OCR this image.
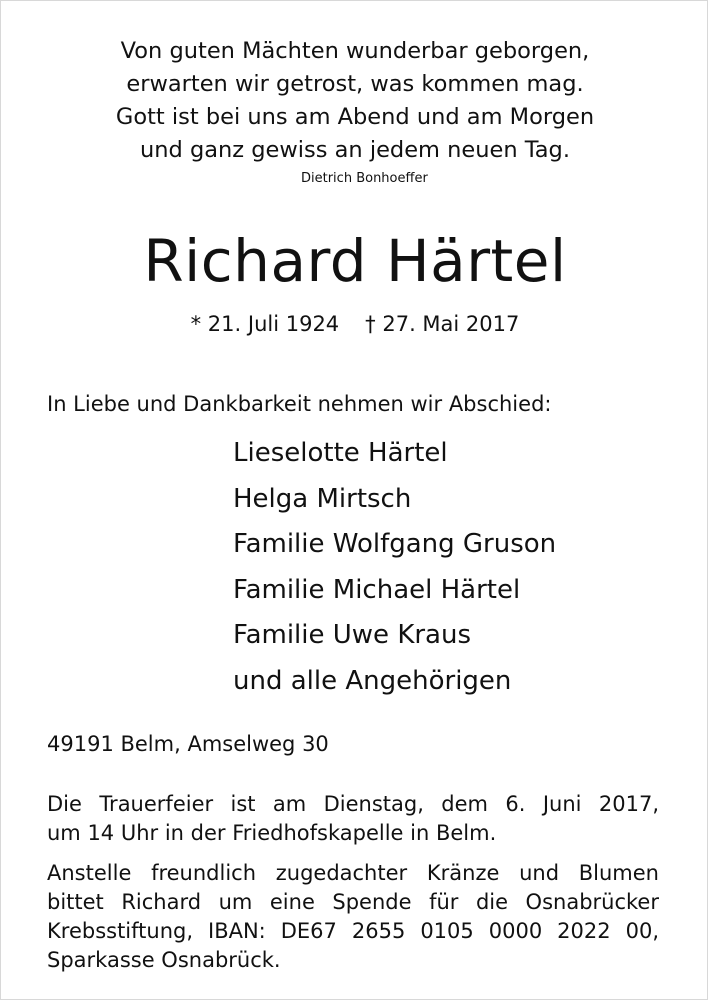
Von guten Mächten wunderbar geborgen,
erwarten wir getrost, was kommen mag.
Gott ist bei uns am Abend und am Morgen
und ganz gewiss an jedem neuen Tag.
Dietrich Bonhoeffer
Richard Härtel
* 21. Juli 1924 † 27. Mai 2017
In Liebe und Dankbarkeit nehmen wir Abschied:
Lieselotte Härtel
Helga Mirtsch
Familie Wolfgang Gruson
Familie Michael Härtel
Familie Uwe Kraus
und alle Angehörigen
49191 Belm, Amselweg 30
Die Trauerfeier ist am Dienstag, dem 6. Juni 2017,
um 14 Uhr in der Friedhofskapelle in Belm.
Anstelle freundlich zugedachter Kränze und Blumen
bittet Richard um eine Spende für die Osnabrücker
Krebsstiftung, IBAN: DE67 2655 0105 0000 2022 00,
Sparkasse Osnabrück.
